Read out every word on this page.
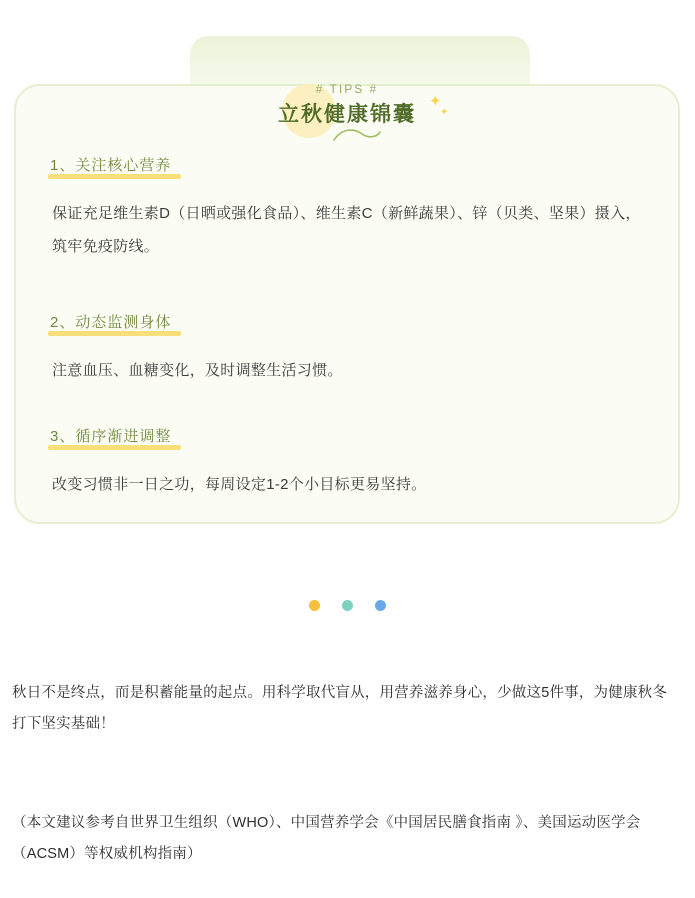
# TIPS #
立秋健康锦囊
✦
✦
1、关注核心营养
保证充足维生素D（日晒或强化食品）、维生素C（新鲜蔬果）、锌（贝类、坚果）摄入，筑牢免疫防线。
2、动态监测身体
注意血压、血糖变化，及时调整生活习惯。
3、循序渐进调整
改变习惯非一日之功，每周设定1-2个小目标更易坚持。

秋日不是终点，而是积蓄能量的起点。用科学取代盲从，用营养滋养身心，少做这5件事，为健康秋冬打下坚实基础！
（本文建议参考自世界卫生组织（WHO）、中国营养学会《中国居民膳食指南 》、美国运动医学会（ACSM）等权威机构指南）
